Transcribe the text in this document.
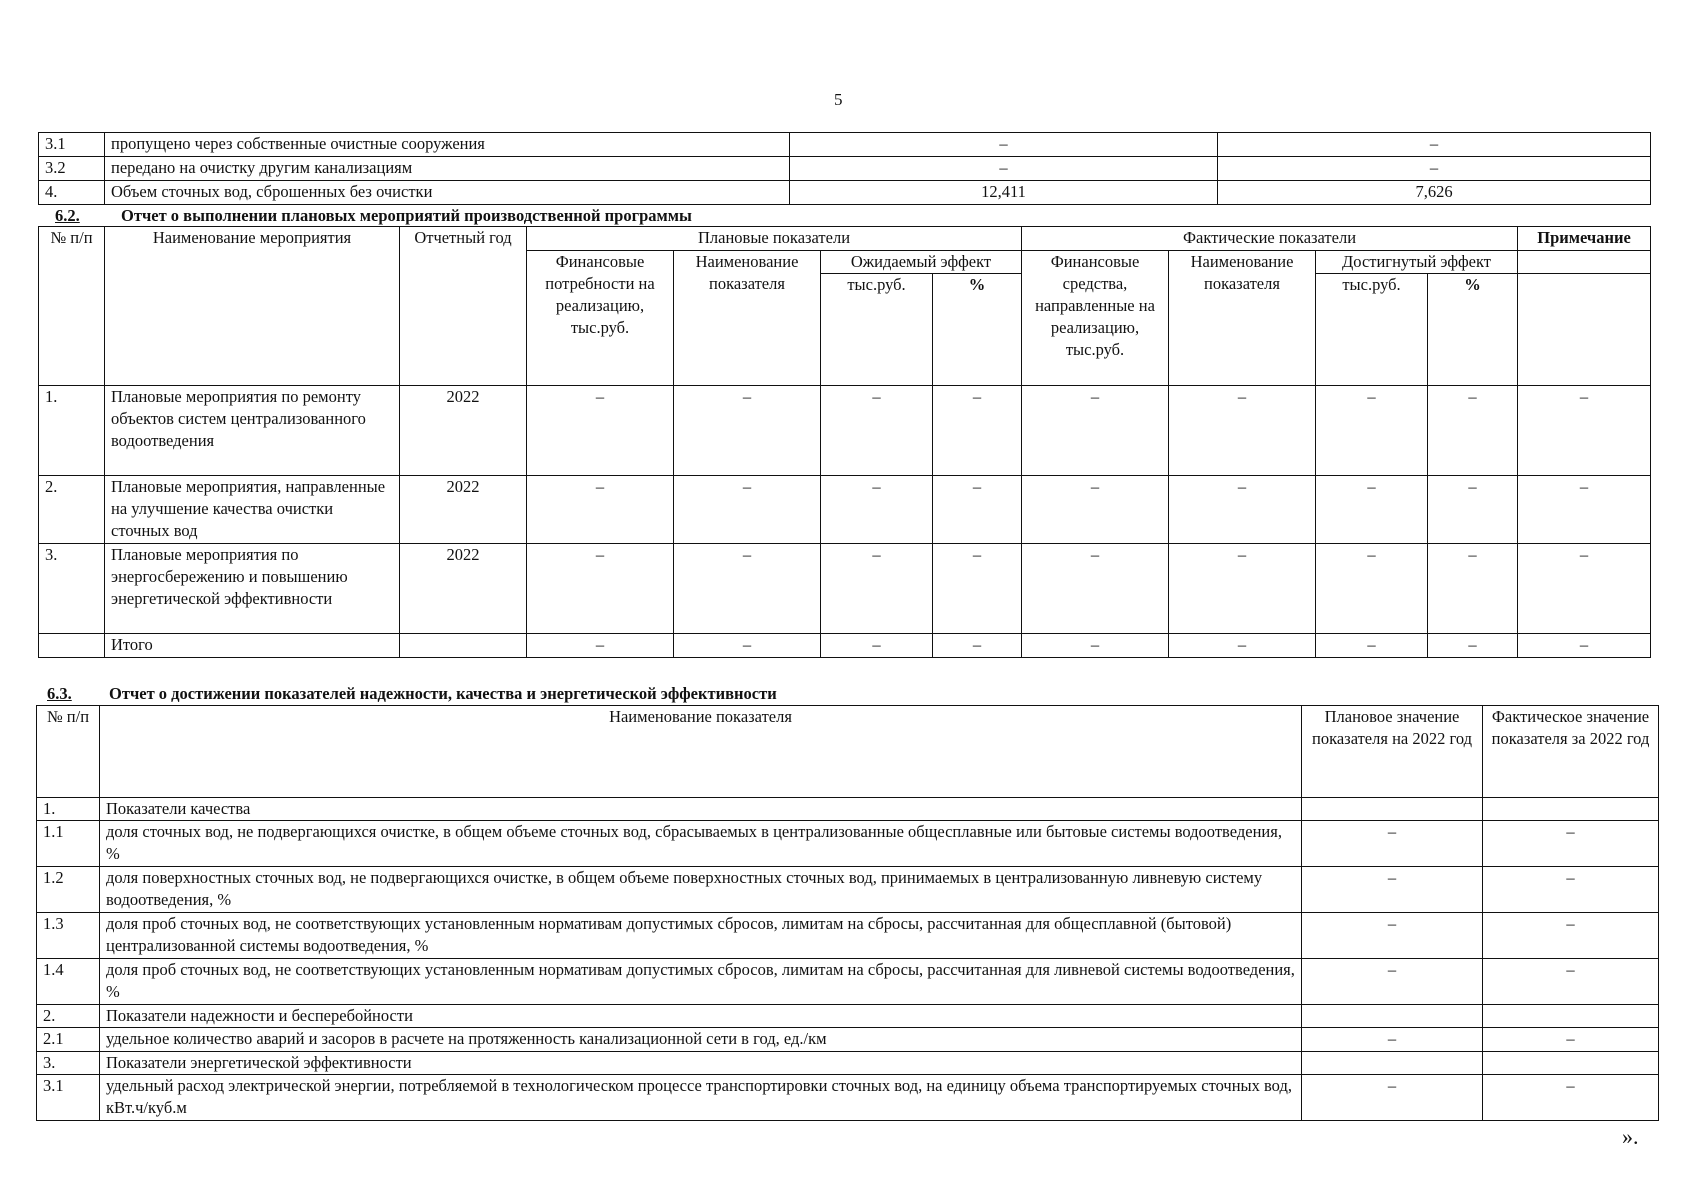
5
3.1	пропущено через собственные очистные сооружения	–	–
3.2	передано на очистку другим канализациям	–	–
4.	Объем сточных вод, сброшенных без очистки	12,411	7,626
6.2.	Отчет о выполнении плановых мероприятий производственной программы
№ п/п	Наименование мероприятия	Отчетный год	Плановые показатели				Фактические показатели				Примечание
			Финансовые потребности на реализацию, тыс.руб.	Наименование показателя	Ожидаемый эффект		Финансовые средства, направленные на реализацию, тыс.руб.	Наименование показателя	Достигнутый эффект		
					тыс.руб.	%			тыс.руб.	%	
1.	Плановые мероприятия по ремонту объектов систем централизованного водоотведения	2022	–	–	–	–	–	–	–	–	–
2.	Плановые мероприятия, направленные на улучшение качества очистки сточных вод	2022	–	–	–	–	–	–	–	–	–
3.	Плановые мероприятия по энергосбережению и повышению энергетической эффективности	2022	–	–	–	–	–	–	–	–	–
	Итого		–	–	–	–	–	–	–	–	–
6.3. Отчет о достижении показателей надежности, качества и энергетической эффективности
№ п/п	Наименование показателя	Плановое значение показателя на 2022 год	Фактическое значение показателя за 2022 год
1.	Показатели качества		
1.1	доля сточных вод, не подвергающихся очистке, в общем объеме сточных вод, сбрасываемых в централизованные общесплавные или бытовые системы водоотведения, %	–	–
1.2	доля поверхностных сточных вод, не подвергающихся очистке, в общем объеме поверхностных сточных вод, принимаемых в централизованную ливневую систему водоотведения, %	–	–
1.3	доля проб сточных вод, не соответствующих установленным нормативам допустимых сбросов, лимитам на сбросы, рассчитанная для общесплавной (бытовой) централизованной системы водоотведения, %	–	–
1.4	доля проб сточных вод, не соответствующих установленным нормативам допустимых сбросов, лимитам на сбросы, рассчитанная для ливневой системы водоотведения, %	–	–
2.	Показатели надежности и бесперебойности		
2.1	удельное количество аварий и засоров в расчете на протяженность канализационной сети в год, ед./км	–	–
3.	Показатели энергетической эффективности		
3.1	удельный расход электрической энергии, потребляемой в технологическом процессе транспортировки сточных вод, на единицу объема транспортируемых сточных вод, кВт.ч/куб.м	–	–
».
